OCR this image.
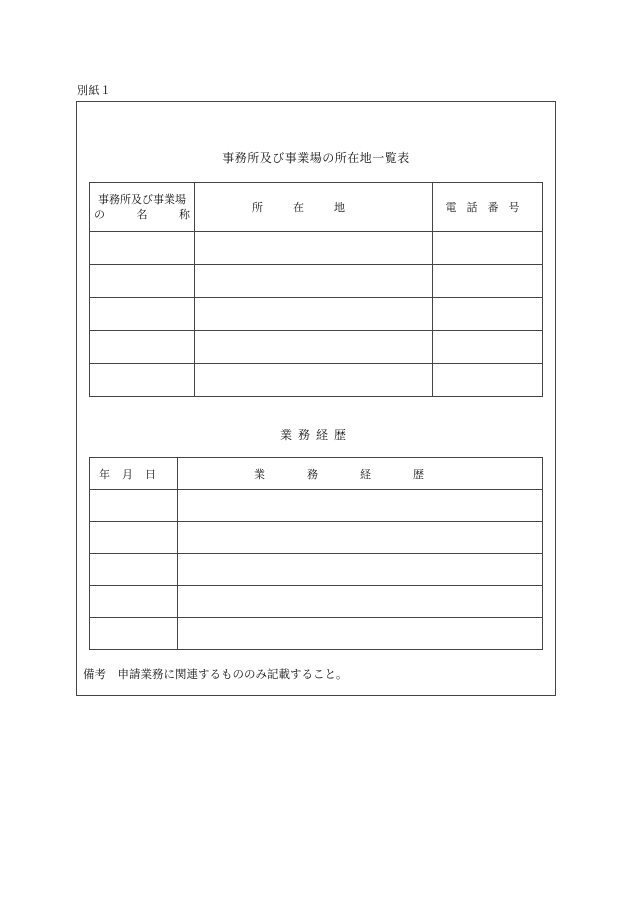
別紙１
事務所及び事業場の所在地一覧表
事務所及び事業場
の 名 称	所在地	電話番号

業務経歴
年月日	業務経歴

備考　申請業務に関連するもののみ記載すること。
